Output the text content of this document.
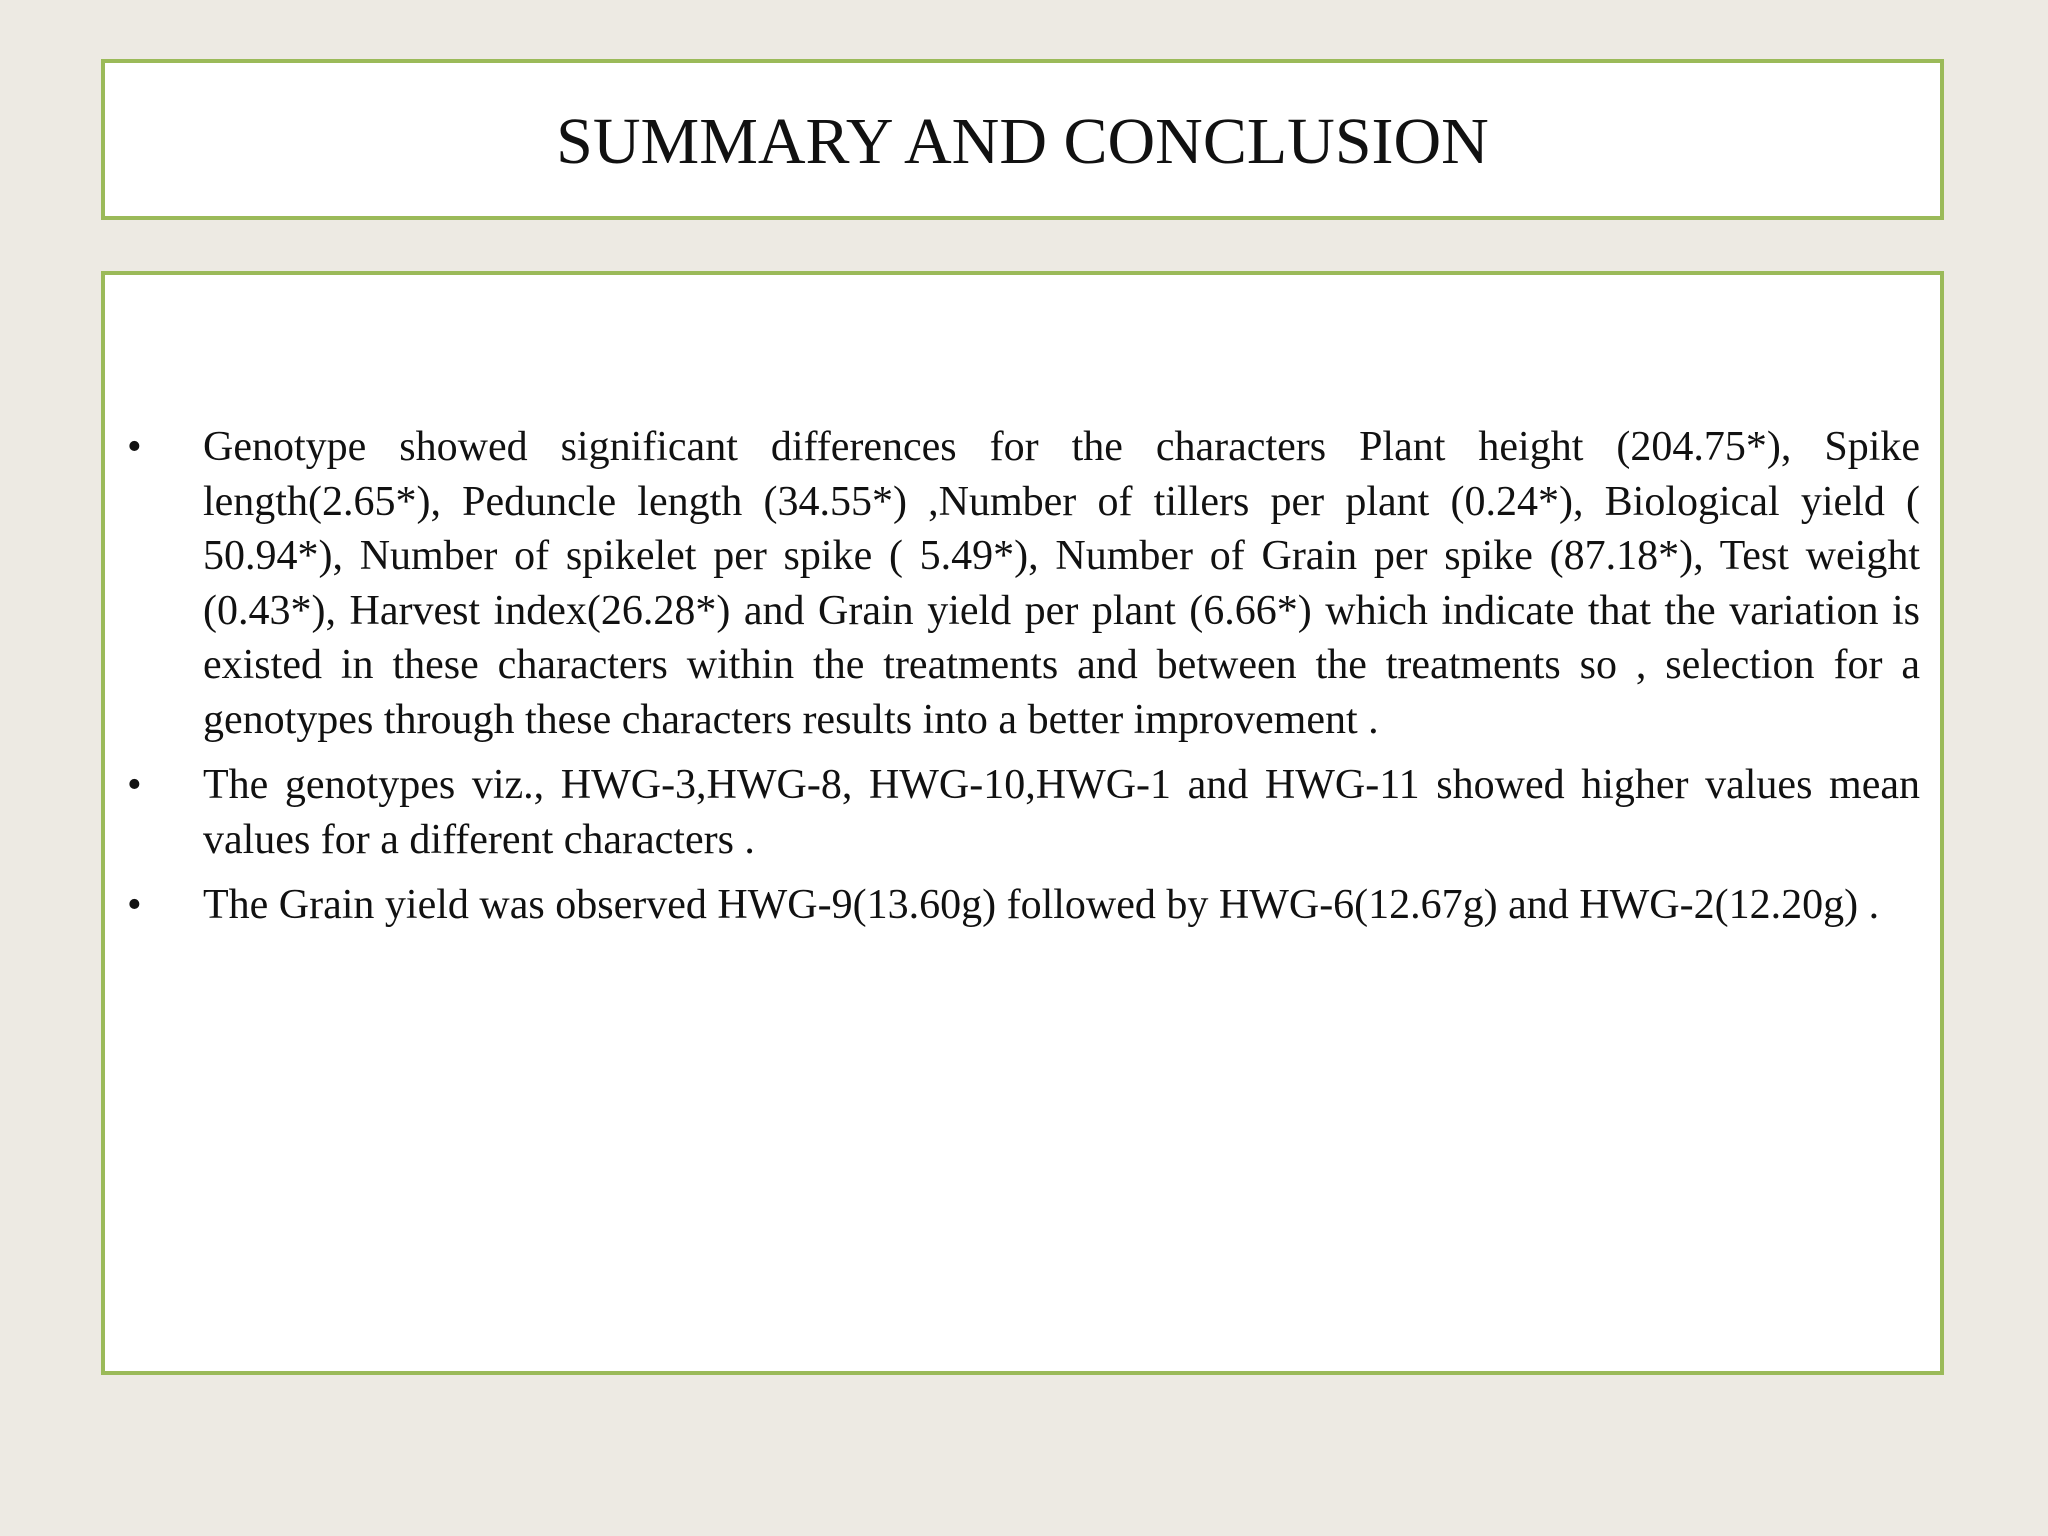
SUMMARY AND CONCLUSION
•	Genotype showed significant differences for the characters Plant height (204.75*), Spike length(2.65*), Peduncle length (34.55*) ,Number of tillers per plant (0.24*), Biological yield ( 50.94*), Number of spikelet per spike ( 5.49*), Number of Grain per spike (87.18*), Test weight (0.43*), Harvest index(26.28*) and Grain yield per plant (6.66*) which indicate that the variation is existed in these characters within the treatments and between the treatments so , selection for a genotypes through these characters results into a better improvement .
•	The genotypes viz., HWG-3,HWG-8, HWG-10,HWG-1 and HWG-11 showed higher values mean values for a different characters .
•	The Grain yield was observed HWG-9(13.60g) followed by HWG-6(12.67g) and HWG-2(12.20g) .
